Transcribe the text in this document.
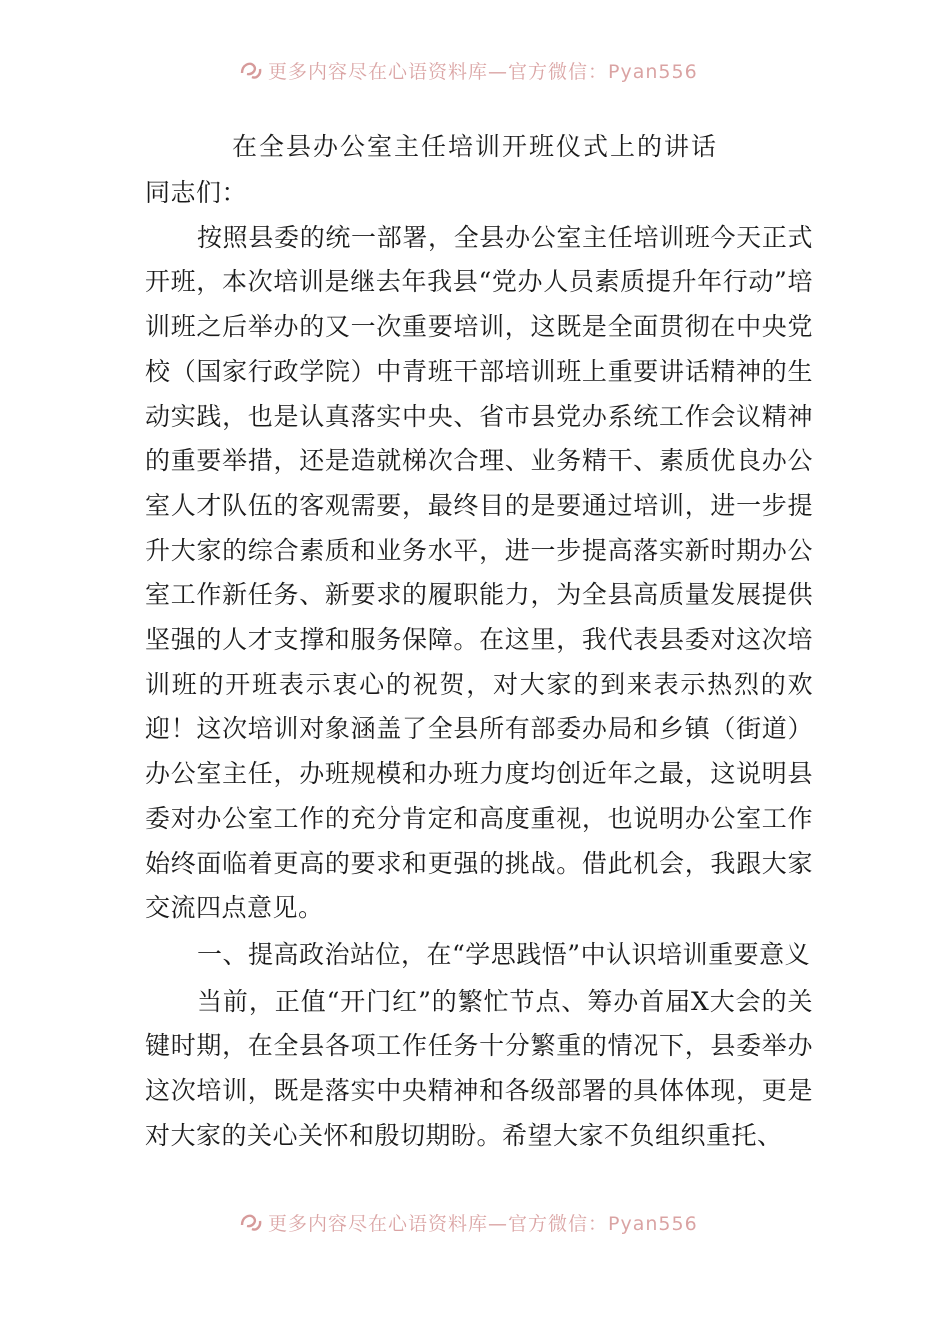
更多内容尽在心语资料库—官方微信：Pyan556
在全县办公室主任培训开班仪式上的讲话

同志们：

按照县委的统一部署，全县办公室主任培训班今天正式开班，本次培训是继去年我县“党办人员素质提升年行动”培训班之后举办的又一次重要培训，这既是全面贯彻在中央党校（国家行政学院）中青班干部培训班上重要讲话精神的生动实践，也是认真落实中央、省市县党办系统工作会议精神的重要举措，还是造就梯次合理、业务精干、素质优良办公室人才队伍的客观需要，最终目的是要通过培训，进一步提升大家的综合素质和业务水平，进一步提高落实新时期办公室工作新任务、新要求的履职能力，为全县高质量发展提供坚强的人才支撑和服务保障。在这里，我代表县委对这次培训班的开班表示衷心的祝贺，对大家的到来表示热烈的欢迎！这次培训对象涵盖了全县所有部委办局和乡镇（街道）办公室主任，办班规模和办班力度均创近年之最，这说明县委对办公室工作的充分肯定和高度重视，也说明办公室工作始终面临着更高的要求和更强的挑战。借此机会，我跟大家交流四点意见。

一、提高政治站位，在“学思践悟”中认识培训重要意义

当前，正值“开门红”的繁忙节点、筹办首届X大会的关键时期，在全县各项工作任务十分繁重的情况下，县委举办这次培训，既是落实中央精神和各级部署的具体体现，更是对大家的关心关怀和殷切期盼。希望大家不负组织重托、

更多内容尽在心语资料库—官方微信：Pyan556
